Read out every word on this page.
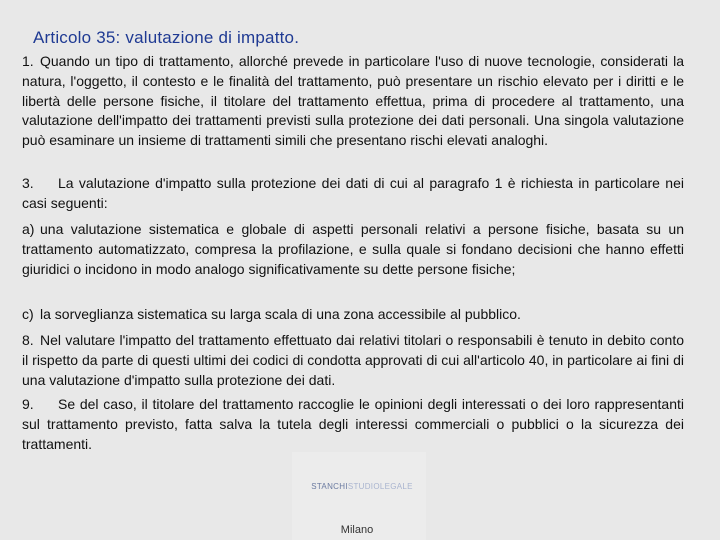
Articolo 35: valutazione di impatto.
1. Quando un tipo di trattamento, allorché prevede in particolare l'uso di nuove tecnologie, considerati la natura, l'oggetto, il contesto e le finalità del trattamento, può presentare un rischio elevato per i diritti e le libertà delle persone fisiche, il titolare del trattamento effettua, prima di procedere al trattamento, una valutazione dell'impatto dei trattamenti previsti sulla protezione dei dati personali. Una singola valutazione può esaminare un insieme di trattamenti simili che presentano rischi elevati analoghi.
3. La valutazione d'impatto sulla protezione dei dati di cui al paragrafo 1 è richiesta in particolare nei casi seguenti:
a) una valutazione sistematica e globale di aspetti personali relativi a persone fisiche, basata su un trattamento automatizzato, compresa la profilazione, e sulla quale si fondano decisioni che hanno effetti giuridici o incidono in modo analogo significativamente su dette persone fisiche;
c) la sorveglianza sistematica su larga scala di una zona accessibile al pubblico.
8. Nel valutare l'impatto del trattamento effettuato dai relativi titolari o responsabili è tenuto in debito conto il rispetto da parte di questi ultimi dei codici di condotta approvati di cui all'articolo 40, in particolare ai fini di una valutazione d'impatto sulla protezione dei dati.
9. Se del caso, il titolare del trattamento raccoglie le opinioni degli interessati o dei loro rappresentanti sul trattamento previsto, fatta salva la tutela degli interessi commerciali o pubblici o la sicurezza dei trattamenti.
STANCHISTUDIOLEGALE
Milano
